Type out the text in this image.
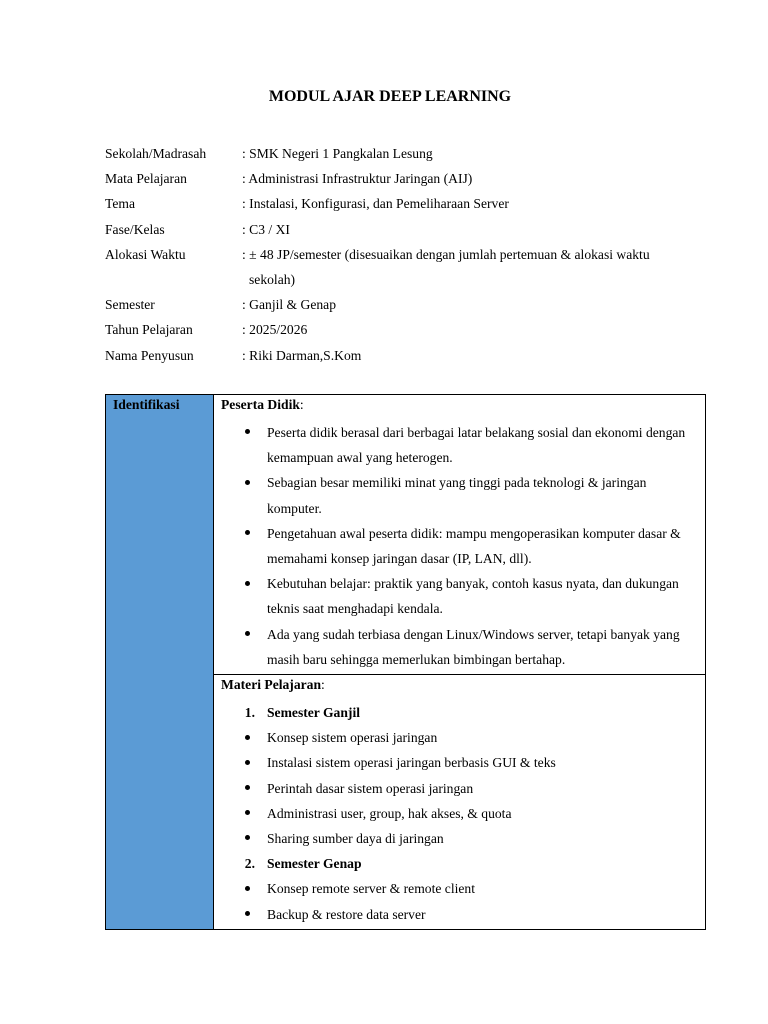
MODUL AJAR DEEP LEARNING
Sekolah/Madrasah	: SMK Negeri 1 Pangkalan Lesung
Mata Pelajaran	: Administrasi Infrastruktur Jaringan (AIJ)
Tema	: Instalasi, Konfigurasi, dan Pemeliharaan Server
Fase/Kelas	: C3 / XI
Alokasi Waktu	: ± 48 JP/semester (disesuaikan dengan jumlah pertemuan & alokasi waktu
sekolah)
Semester	: Ganjil & Genap
Tahun Pelajaran	: 2025/2026
Nama Penyusun	: Riki Darman,S.Kom
Identifikasi	Peserta Didik:
Peserta didik berasal dari berbagai latar belakang sosial dan ekonomi dengan kemampuan awal yang heterogen.
Sebagian besar memiliki minat yang tinggi pada teknologi & jaringan komputer.
Pengetahuan awal peserta didik: mampu mengoperasikan komputer dasar & memahami konsep jaringan dasar (IP, LAN, dll).
Kebutuhan belajar: praktik yang banyak, contoh kasus nyata, dan dukungan teknis saat menghadapi kendala.
Ada yang sudah terbiasa dengan Linux/Windows server, tetapi banyak yang masih baru sehingga memerlukan bimbingan bertahap.

Materi Pelajaran:
1. Semester Ganjil
Konsep sistem operasi jaringan
Instalasi sistem operasi jaringan berbasis GUI & teks
Perintah dasar sistem operasi jaringan
Administrasi user, group, hak akses, & quota
Sharing sumber daya di jaringan
2. Semester Genap
Konsep remote server & remote client
Backup & restore data server
